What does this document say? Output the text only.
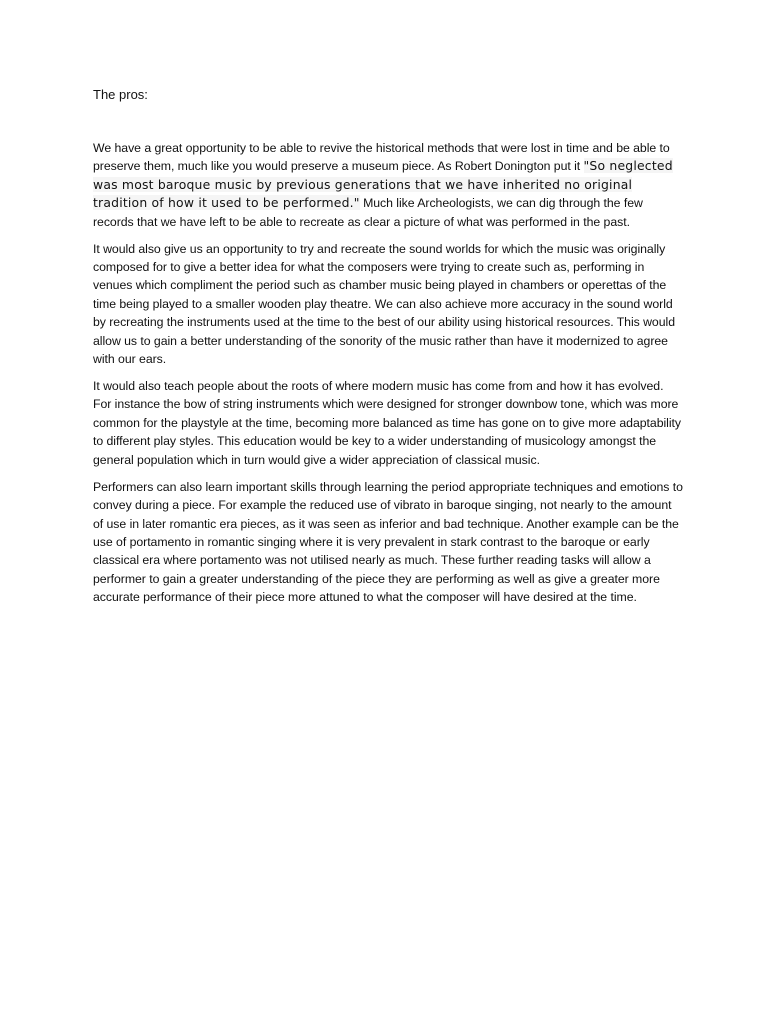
The pros:

We have a great opportunity to be able to revive the historical methods that were lost in time and be able to preserve them, much like you would preserve a museum piece. As Robert Donington put it "So neglected was most baroque music by previous generations that we have inherited no original tradition of how it used to be performed." Much like Archeologists, we can dig through the few records that we have left to be able to recreate as clear a picture of what was performed in the past.

It would also give us an opportunity to try and recreate the sound worlds for which the music was originally composed for to give a better idea for what the composers were trying to create such as, performing in venues which compliment the period such as chamber music being played in chambers or operettas of the time being played to a smaller wooden play theatre. We can also achieve more accuracy in the sound world by recreating the instruments used at the time to the best of our ability using historical resources. This would allow us to gain a better understanding of the sonority of the music rather than have it modernized to agree with our ears.

It would also teach people about the roots of where modern music has come from and how it has evolved. For instance the bow of string instruments which were designed for stronger downbow tone, which was more common for the playstyle at the time, becoming more balanced as time has gone on to give more adaptability to different play styles. This education would be key to a wider understanding of musicology amongst the general population which in turn would give a wider appreciation of classical music.

Performers can also learn important skills through learning the period appropriate techniques and emotions to convey during a piece. For example the reduced use of vibrato in baroque singing, not nearly to the amount of use in later romantic era pieces, as it was seen as inferior and bad technique. Another example can be the use of portamento in romantic singing where it is very prevalent in stark contrast to the baroque or early classical era where portamento was not utilised nearly as much. These further reading tasks will allow a performer to gain a greater understanding of the piece they are performing as well as give a greater more accurate performance of their piece more attuned to what the composer will have desired at the time.
